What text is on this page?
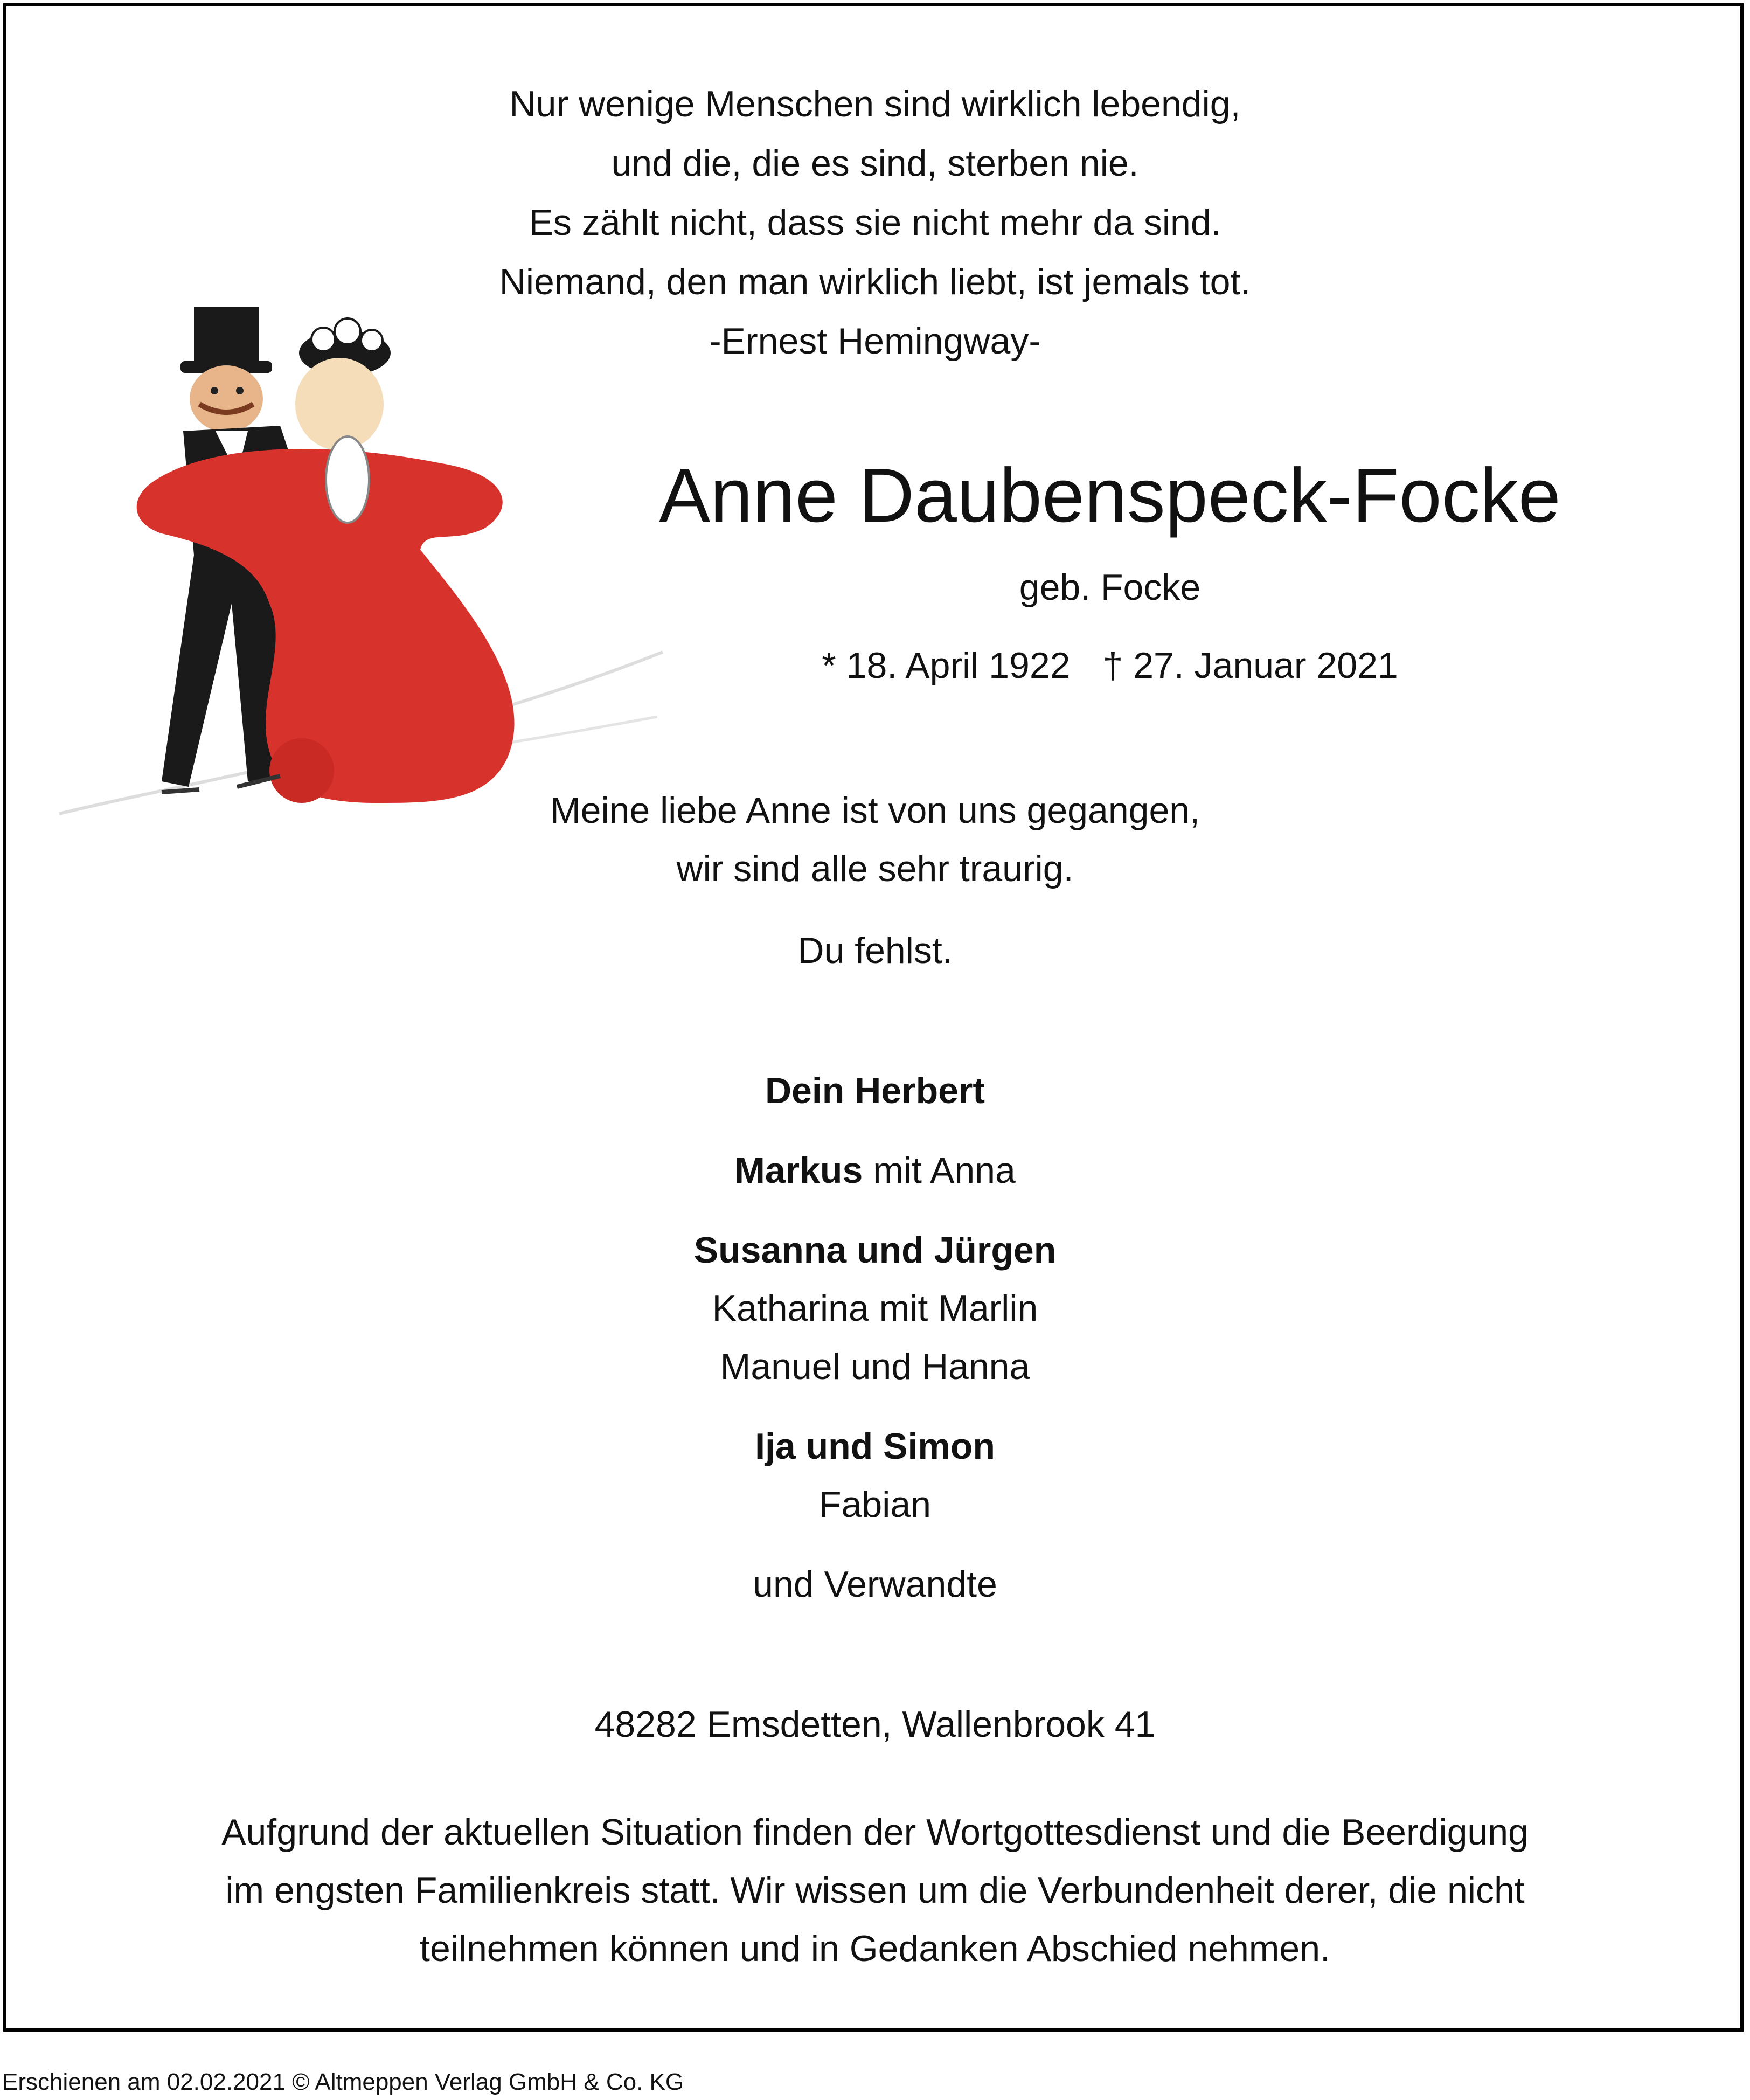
Nur wenige Menschen sind wirklich lebendig,
und die, die es sind, sterben nie.
Es zählt nicht, dass sie nicht mehr da sind.
Niemand, den man wirklich liebt, ist jemals tot.
-Ernest Hemingway-
Anne Daubenspeck-Focke
geb. Focke
* 18. April 1922 † 27. Januar 2021
Meine liebe Anne ist von uns gegangen,
wir sind alle sehr traurig.
Du fehlst.
Dein Herbert
Markus mit Anna
Susanna und Jürgen
Katharina mit Marlin
Manuel und Hanna
Ija und Simon
Fabian
und Verwandte
48282 Emsdetten, Wallenbrook 41
Aufgrund der aktuellen Situation finden der Wortgottesdienst und die Beerdigung
im engsten Familienkreis statt. Wir wissen um die Verbundenheit derer, die nicht
teilnehmen können und in Gedanken Abschied nehmen.
Erschienen am 02.02.2021 © Altmeppen Verlag GmbH & Co. KG
